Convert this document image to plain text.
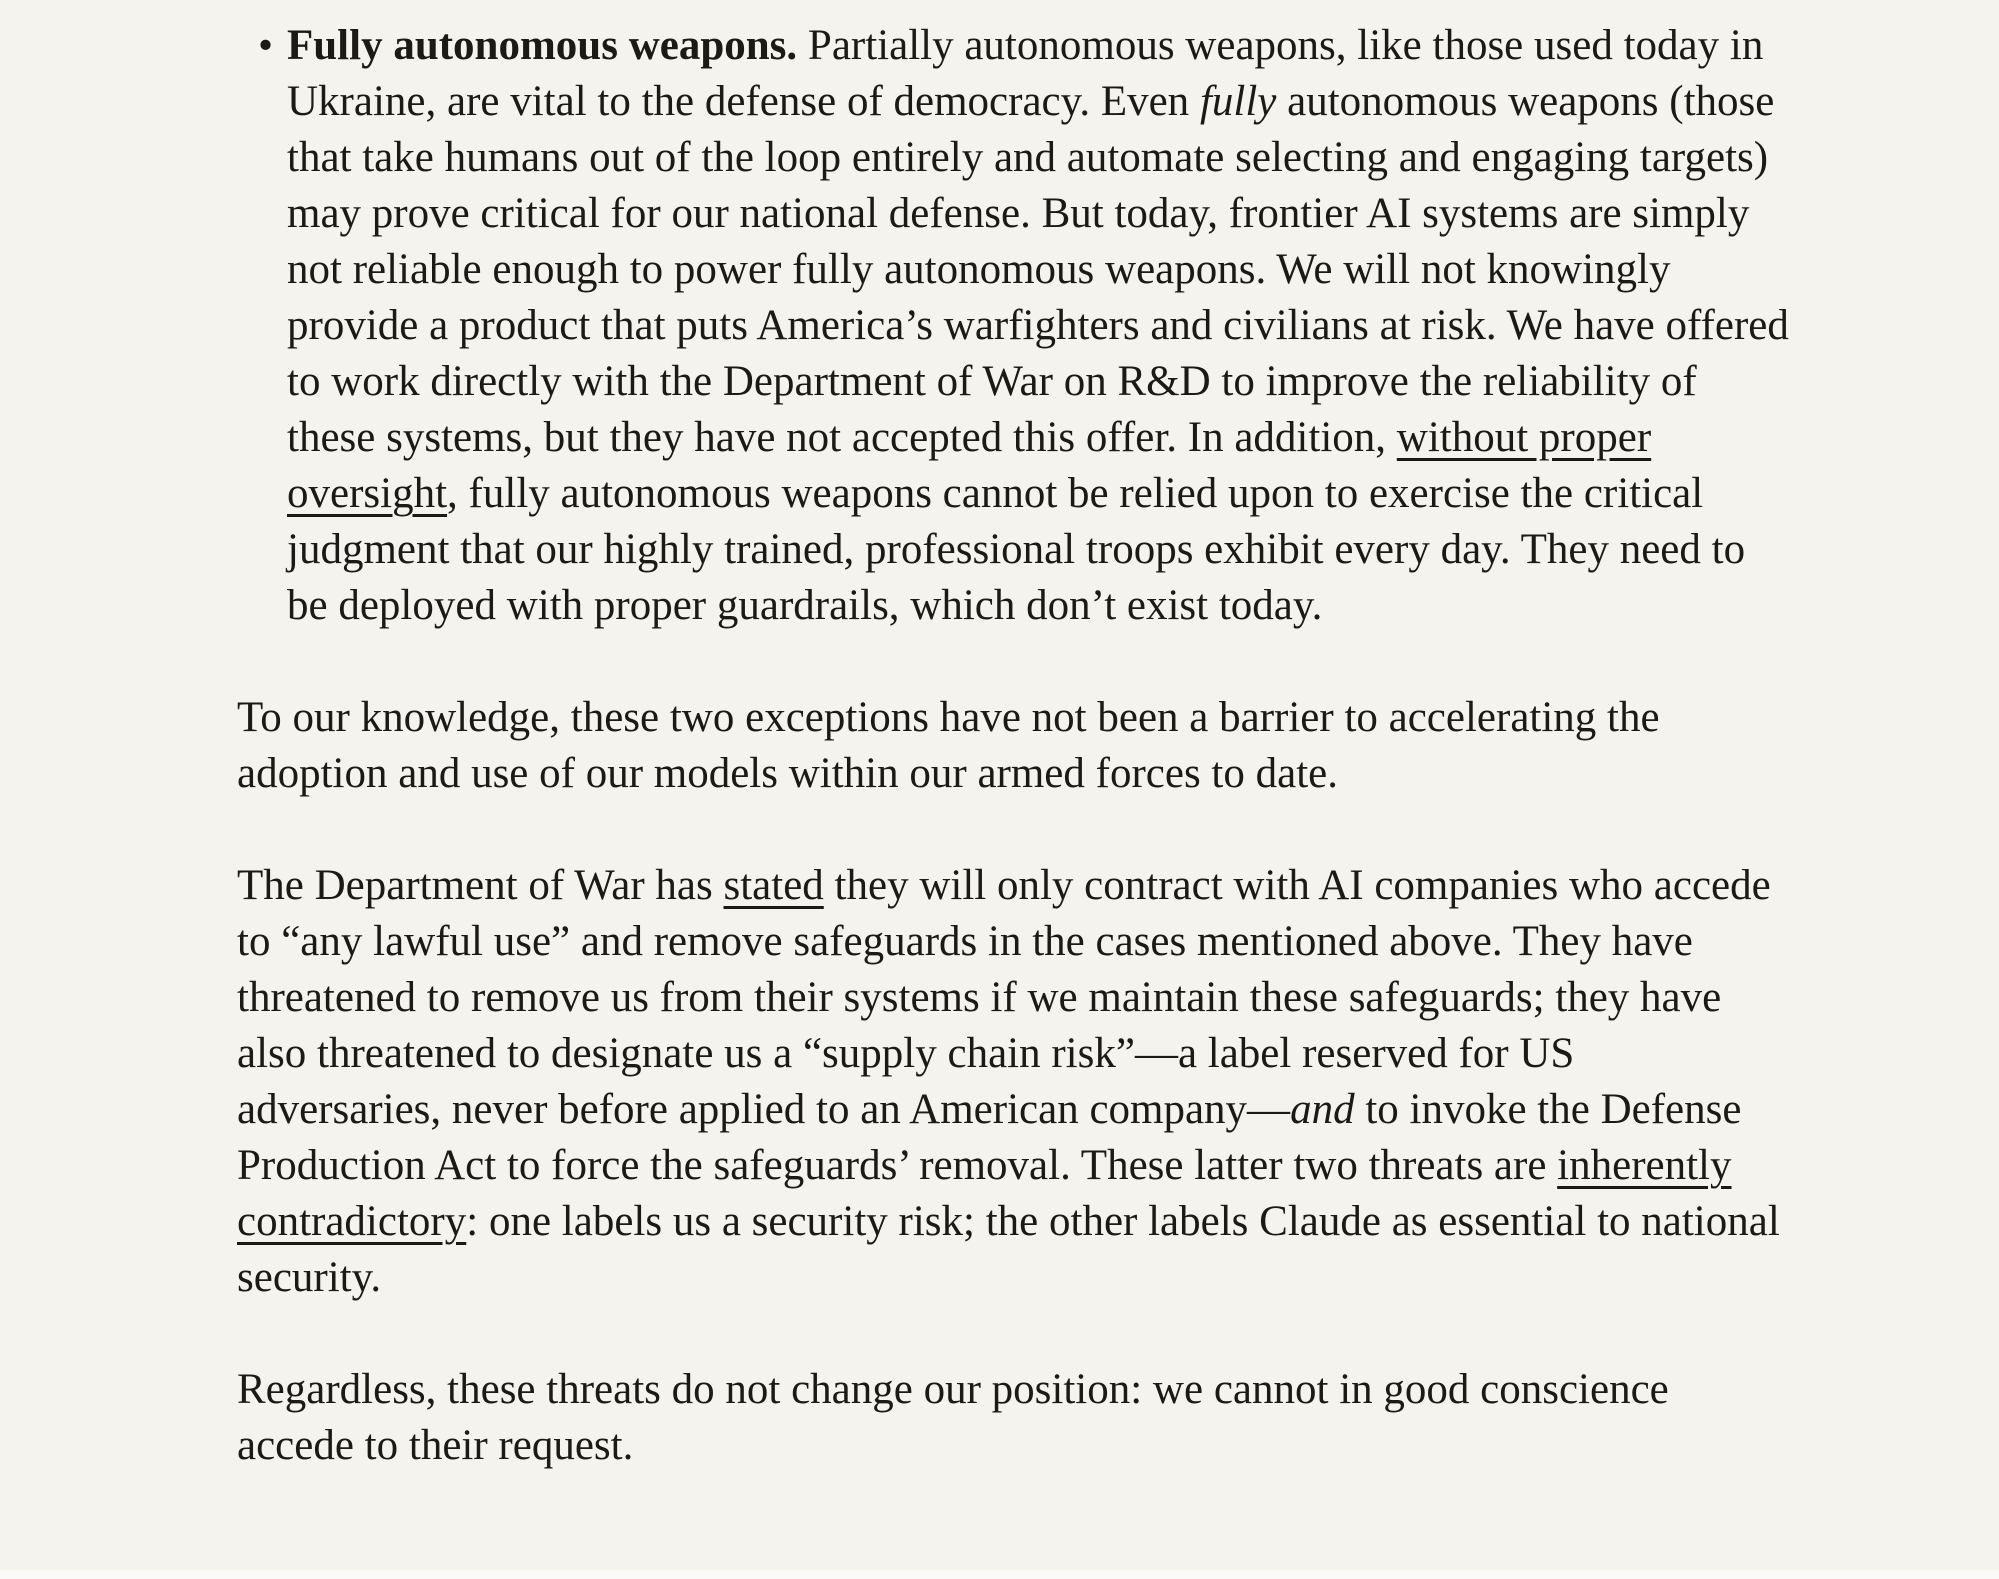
• Fully autonomous weapons. Partially autonomous weapons, like those used today in Ukraine, are vital to the defense of democracy. Even fully autonomous weapons (those that take humans out of the loop entirely and automate selecting and engaging targets) may prove critical for our national defense. But today, frontier AI systems are simply not reliable enough to power fully autonomous weapons. We will not knowingly provide a product that puts America’s warfighters and civilians at risk. We have offered to work directly with the Department of War on R&D to improve the reliability of these systems, but they have not accepted this offer. In addition, without proper oversight, fully autonomous weapons cannot be relied upon to exercise the critical judgment that our highly trained, professional troops exhibit every day. They need to be deployed with proper guardrails, which don’t exist today.

To our knowledge, these two exceptions have not been a barrier to accelerating the adoption and use of our models within our armed forces to date.

The Department of War has stated they will only contract with AI companies who accede to “any lawful use” and remove safeguards in the cases mentioned above. They have threatened to remove us from their systems if we maintain these safeguards; they have also threatened to designate us a “supply chain risk”—a label reserved for US adversaries, never before applied to an American company—and to invoke the Defense Production Act to force the safeguards’ removal. These latter two threats are inherently contradictory: one labels us a security risk; the other labels Claude as essential to national security.

Regardless, these threats do not change our position: we cannot in good conscience accede to their request.
